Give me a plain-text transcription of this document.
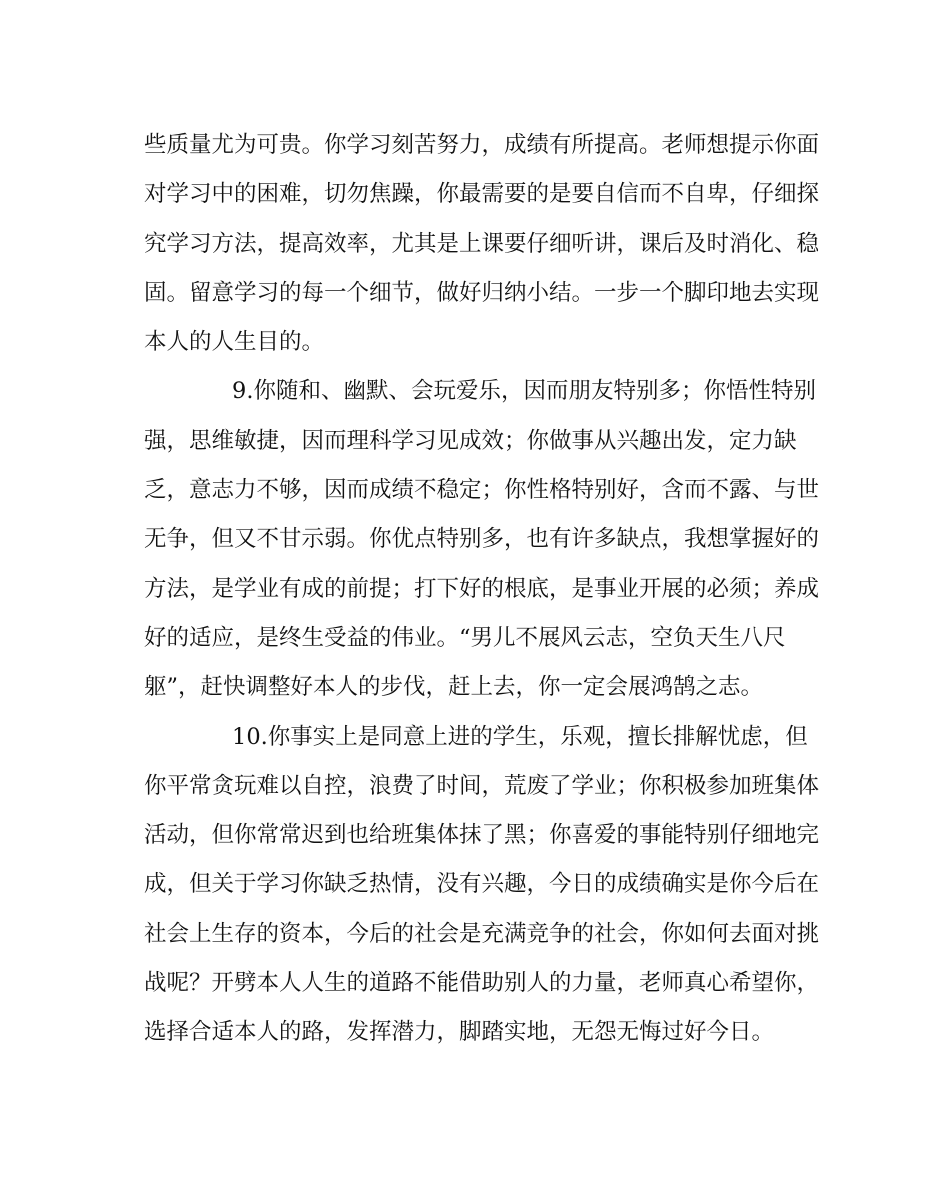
些质量尤为可贵。你学习刻苦努力，成绩有所提高。老师想提示你面
对学习中的困难，切勿焦躁，你最需要的是要自信而不自卑，仔细探
究学习方法，提高效率，尤其是上课要仔细听讲，课后及时消化、稳
固。留意学习的每一个细节，做好归纳小结。一步一个脚印地去实现
本人的人生目的。
9.你随和、幽默、会玩爱乐，因而朋友特别多；你悟性特别
强，思维敏捷，因而理科学习见成效；你做事从兴趣出发，定力缺
乏，意志力不够，因而成绩不稳定；你性格特别好，含而不露、与世
无争，但又不甘示弱。你优点特别多，也有许多缺点，我想掌握好的
方法，是学业有成的前提；打下好的根底，是事业开展的必须；养成
好的适应，是终生受益的伟业。“男儿不展风云志，空负天生八尺
躯”，赶快调整好本人的步伐，赶上去，你一定会展鸿鹄之志。
10.你事实上是同意上进的学生，乐观，擅长排解忧虑，但
你平常贪玩难以自控，浪费了时间，荒废了学业；你积极参加班集体
活动，但你常常迟到也给班集体抹了黑；你喜爱的事能特别仔细地完
成，但关于学习你缺乏热情，没有兴趣，今日的成绩确实是你今后在
社会上生存的资本，今后的社会是充满竞争的社会，你如何去面对挑
战呢？开劈本人人生的道路不能借助别人的力量，老师真心希望你，
选择合适本人的路，发挥潜力，脚踏实地，无怨无悔过好今日。
